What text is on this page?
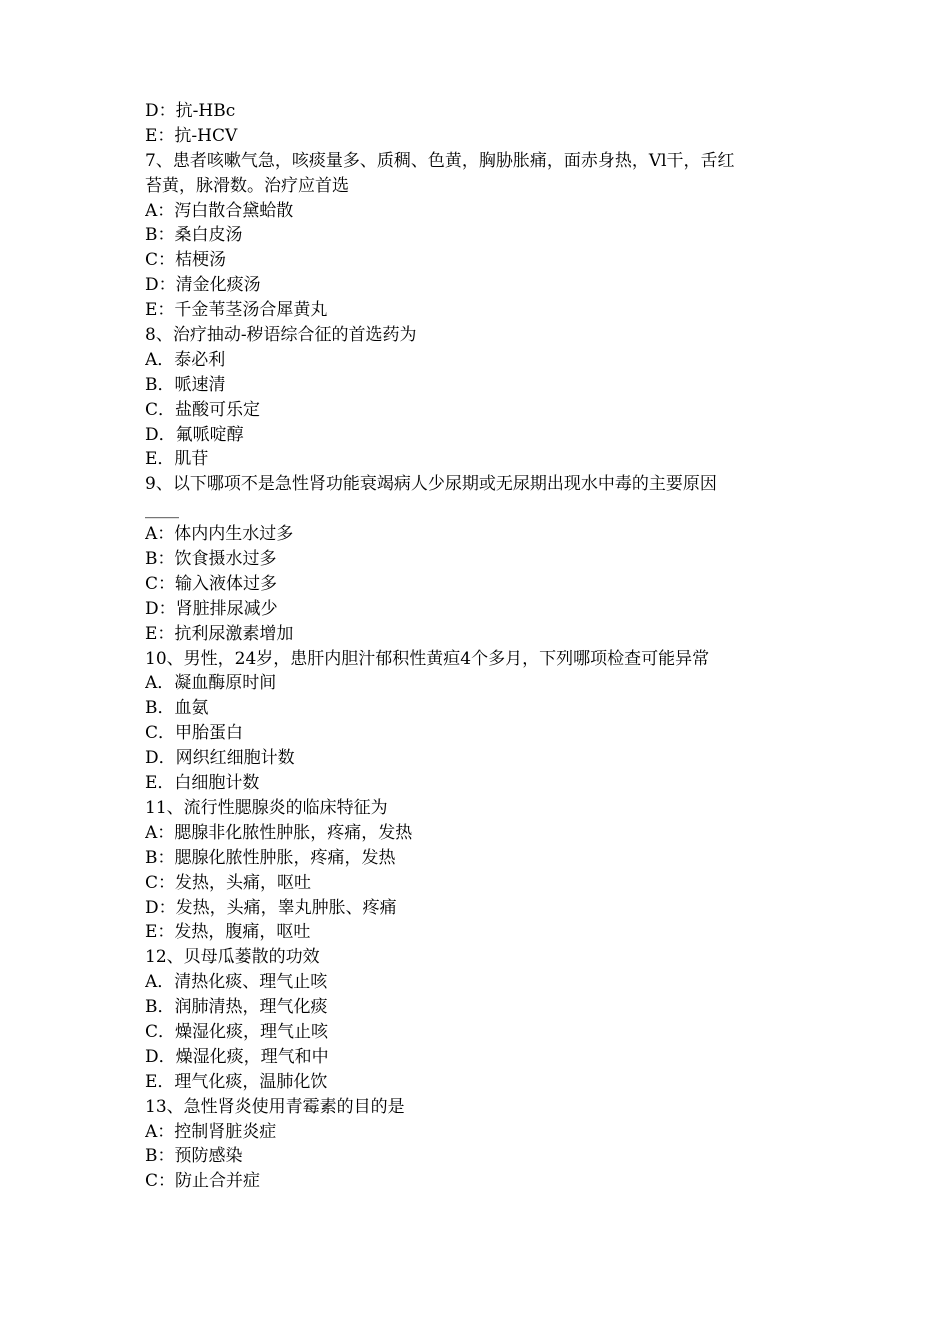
D：抗-HBc
E：抗-HCV
7、患者咳嗽气急，咳痰量多、质稠、色黄，胸胁胀痛，面赤身热，Vl干，舌红
苔黄，脉滑数。治疗应首选
A：泻白散合黛蛤散
B：桑白皮汤
C：桔梗汤
D：清金化痰汤
E：千金苇茎汤合犀黄丸
8、治疗抽动-秽语综合征的首选药为
A．泰必利
B．哌速清
C．盐酸可乐定
D．氟哌啶醇
E．肌苷
9、以下哪项不是急性肾功能衰竭病人少尿期或无尿期出现水中毒的主要原因
____
A：体内内生水过多
B：饮食摄水过多
C：输入液体过多
D：肾脏排尿减少
E：抗利尿激素增加
10、男性，24岁，患肝内胆汁郁积性黄疸4个多月，下列哪项检查可能异常
A．凝血酶原时间
B．血氨
C．甲胎蛋白
D．网织红细胞计数
E．白细胞计数
11、流行性腮腺炎的临床特征为
A：腮腺非化脓性肿胀，疼痛，发热
B：腮腺化脓性肿胀，疼痛，发热
C：发热，头痛，呕吐
D：发热，头痛，睾丸肿胀、疼痛
E：发热，腹痛，呕吐
12、贝母瓜蒌散的功效
A．清热化痰、理气止咳
B．润肺清热，理气化痰
C．燥湿化痰，理气止咳
D．燥湿化痰，理气和中
E．理气化痰，温肺化饮
13、急性肾炎使用青霉素的目的是
A：控制肾脏炎症
B：预防感染
C：防止合并症
